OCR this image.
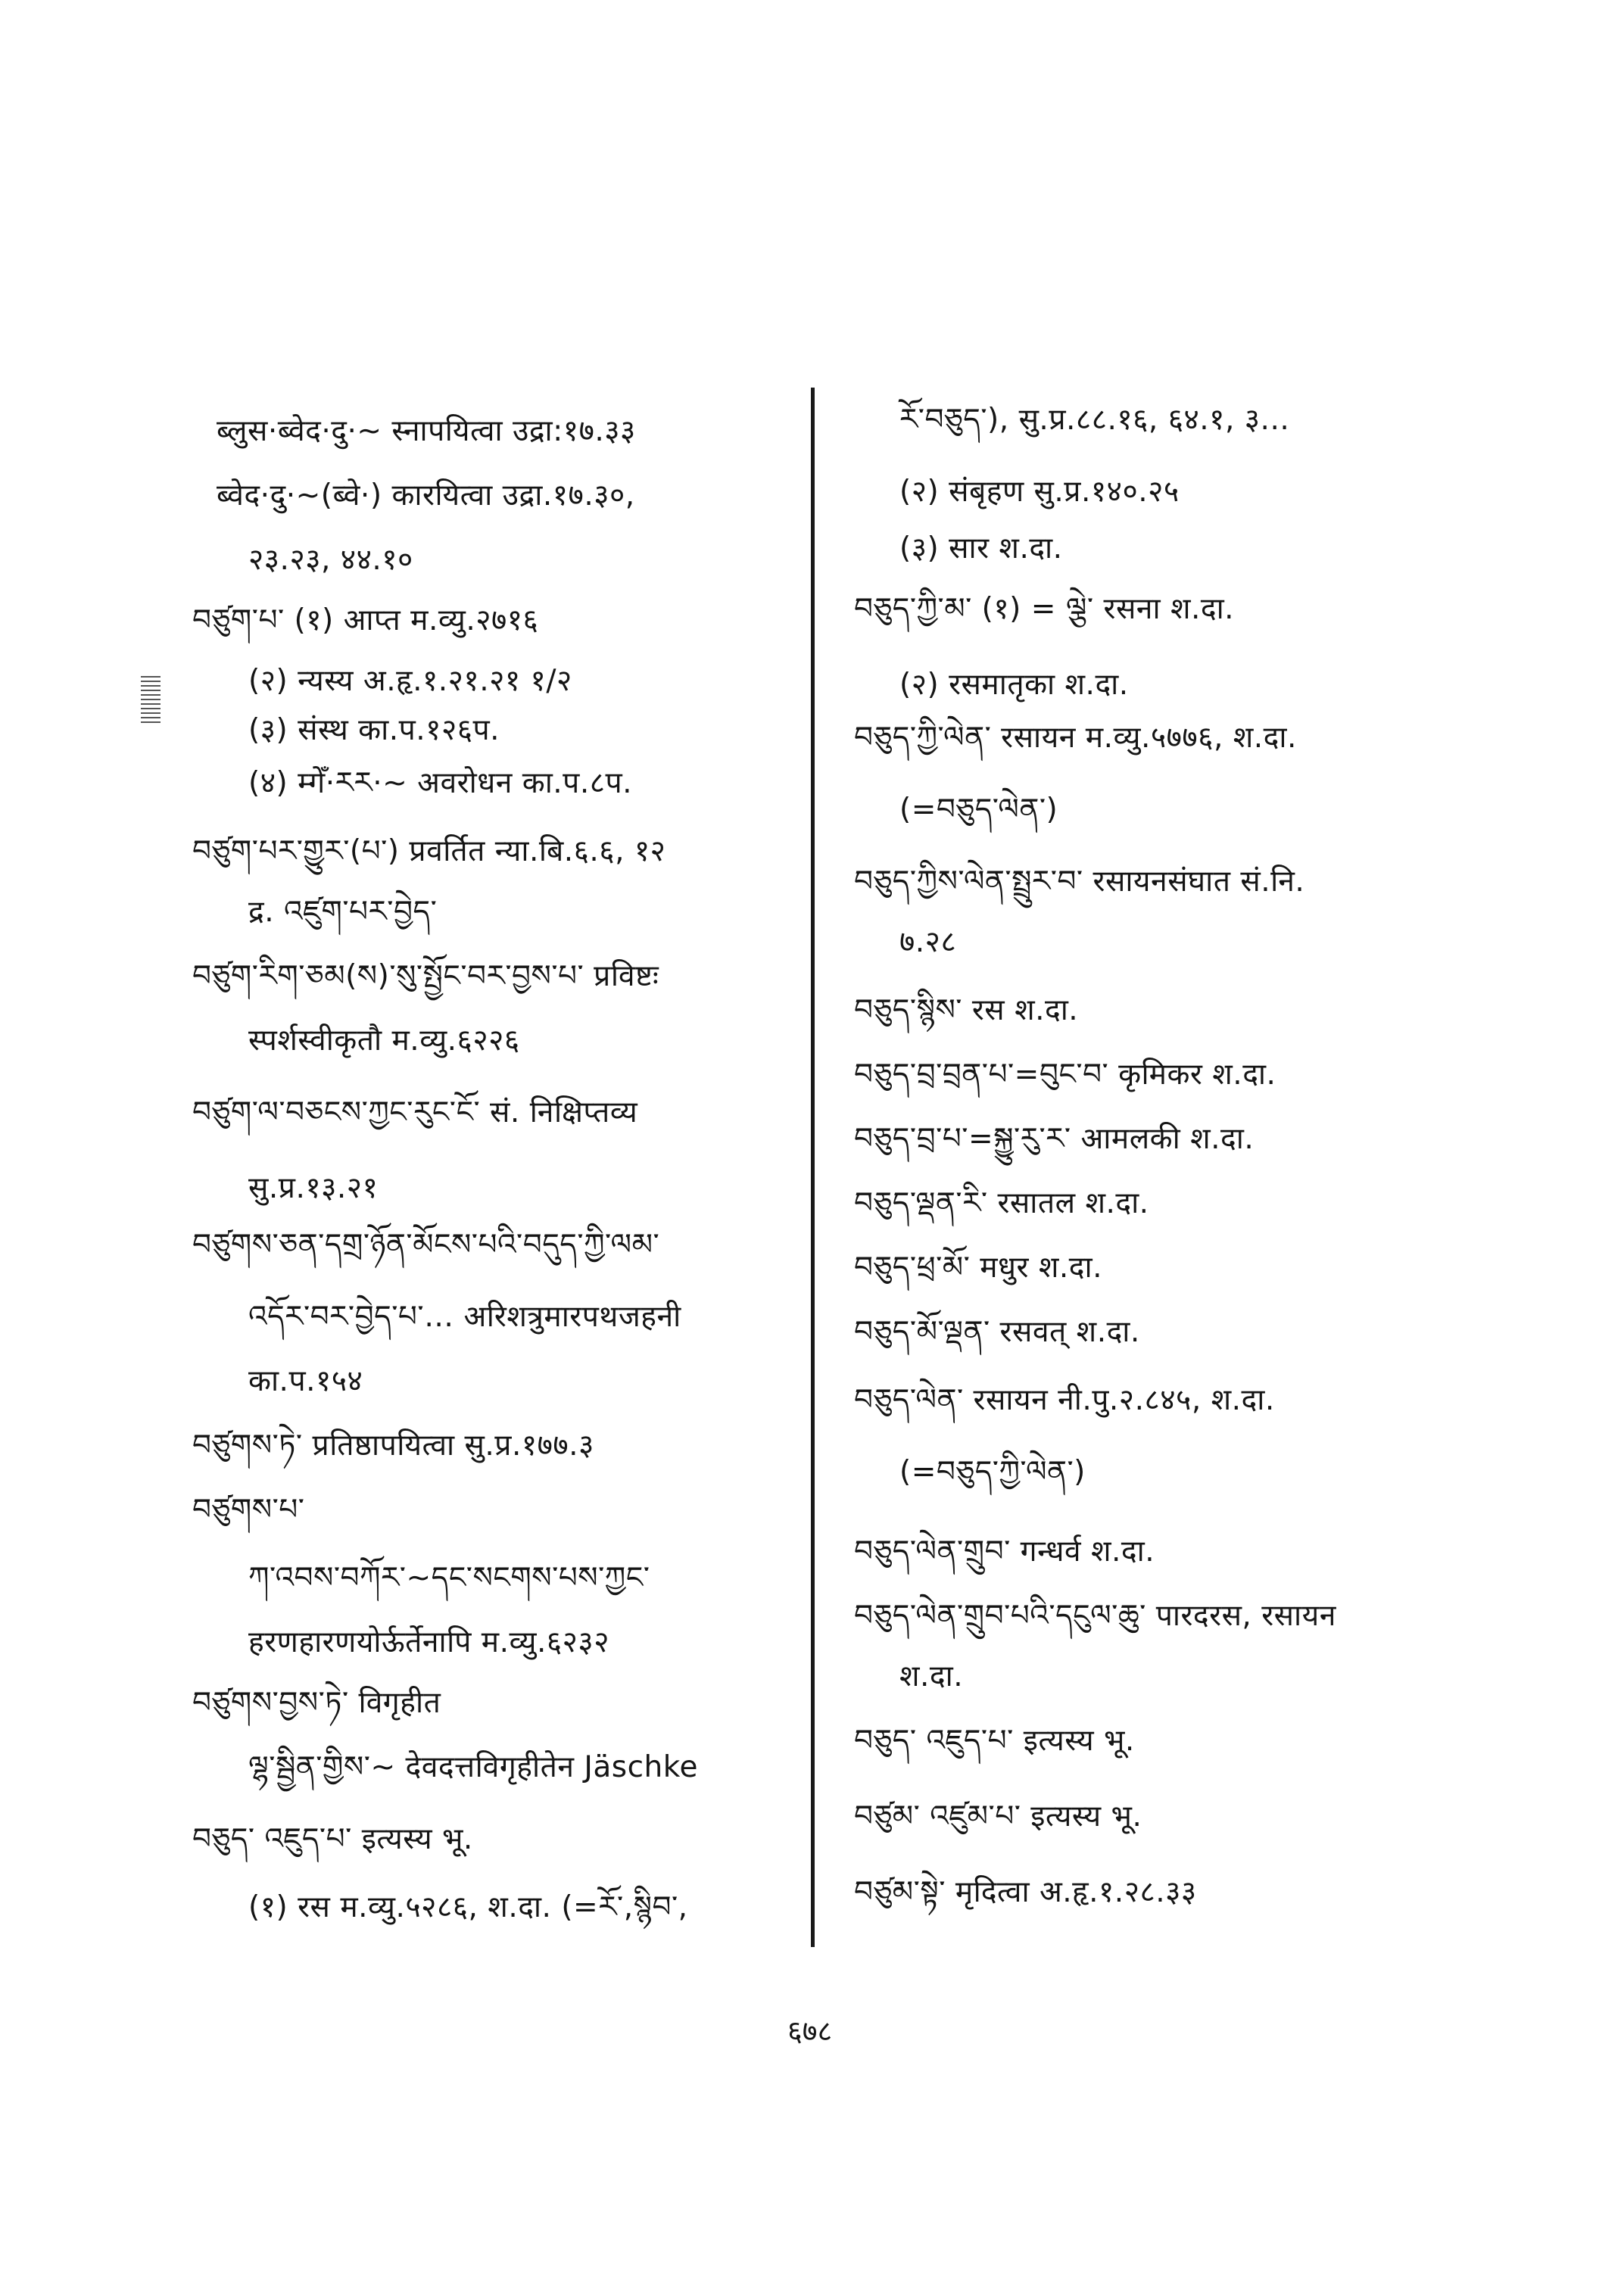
ब्लुस·ब्वेद·दु·~ स्नापयित्वा उद्रा:१७.३३
ब्वेद·दु·~(ब्वे·) कारयित्वा उद्रा.१७.३०,
२३.२३, ४४.१०
བཙུག་པ་ (१) आप्त म.व्यु.२७१६
(२) न्यस्य अ.हृ.१.२१.२१ १/२
(३) संस्थ का.प.१२६प.
(४) म्गेँ·རར·~ अवरोधन का.प.८प.
བཙུག་པར་གྱུར་(པ་) प्रवर्तित न्या.बि.६.६, १२
द्र. འཛུག་པར་བྱེད་
བཙུག་རིག་ཅམ(ས)་སུ་སྤྱོང་བར་བྱས་པ་ प्रविष्टः
स्पर्शस्वीकृतौ म.व्यु.६२२६
བཙུག་ལ་བཅངས་ཀྱང་རུང་ངོ་ सं. निक्षिप्तव्य
सु.प्र.१३.२१
བཙུགས་ཅན་དགྲ་ཉོན་མོངས་པའི་བདུད་ཀྱི་ལམ་
འདོར་བར་བྱེད་པ་… अरिशत्रुमारपथजहनी
का.प.१५४
བཙུགས་ཏེ་ प्रतिष्ठापयित्वा सु.प्र.१७७.३
བཙུགས་པ་
ཀ་འབས་བཀོར་~དང་སངགས་པས་ཀྱང་
हरणहारणयोर्ऊर्तेनापि म.व्यु.६२३२
བཙུགས་བྱས་ཏེ་ विगृहीत
ལྷ་སྦྱིན་གྱིས་~ देवदत्तविगृहीतेन Jäschke
བཅུད་ འཇུད་པ་ इत्यस्य भू.
(१) रस म.व्यु.५२८६, श.दा. (=རོ་,སྙིབ་,
རོ་བཅུད་), सु.प्र.८८.१६, ६४.१, ३...
(२) संबृहण सु.प्र.१४०.२५
(३) सार श.दा.
བཅུད་ཀྱི་མ་ (१) = ལྕེ་ रसना श.दा.
(२) रसमातृका श.दा.
བཅུད་ཀྱི་ལེན་ रसायन म.व्यु.५७७६, श.दा.
(=བཅུད་ལེན་)
བཅུད་ཀྱིས་ལེན་སྤྲུར་བ་ रसायनसंघात सं.नि.
७.२८
བཅུད་སྙིས་ रस श.दा.
བཅུད་བྲ་བྲན་པ་=བུང་བ་ कृमिकर श.दा.
བཅུད་བྲ་པ་=སྐྱུ་རུ་ར་ आमलकी श.दा.
བཅུད་ལྡན་རི་ रसातल श.दा.
བཅུད་ཕྲ་མོ་ मधुर श.दा.
བཅུད་མོ་ལྡན་ रसवत् श.दा.
བཅུད་ལེན་ रसायन नी.पु.२.८४५, श.दा.
(=བཅུད་ཀྱི་ལེན་)
བཅུད་ལེན་གྲུབ་ गन्धर्व श.दा.
བཅུད་ལེན་གྲུབ་པའི་དངུལ་ཆུ་ पारदरस, रसायन
श.दा.
བཅུད་ འཇུད་པ་ इत्यस्य भू.
བཙུམ་ འཛུམ་པ་ इत्यस्य भू.
བཙུམ་སྟེ་ मृदित्वा अ.हृ.१.२८.३३
६७८
